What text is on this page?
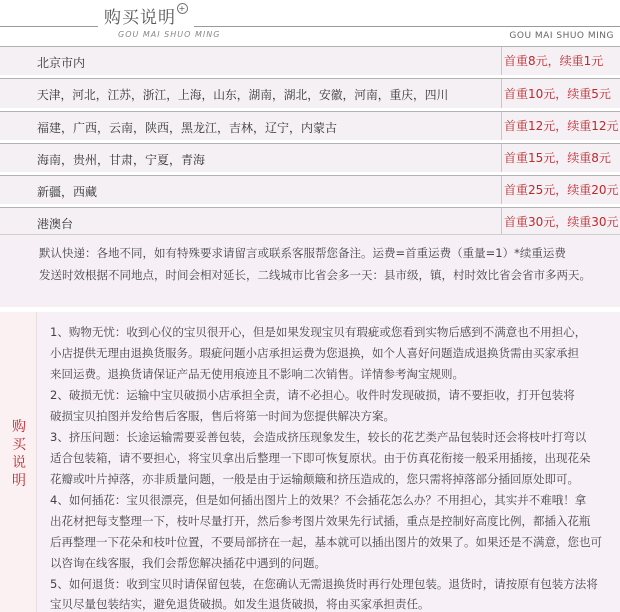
购买说明 +
GOU MAI SHUO MING	GOU MAI SHUO MING
北京市内	首重8元，续重1元
天津，河北，江苏，浙江，上海，山东，湖南，湖北，安徽，河南，重庆，四川	首重10元，续重5元
福建，广西，云南，陕西，黑龙江，吉林，辽宁，内蒙古	首重12元，续重12元
海南，贵州，甘肃，宁夏，青海	首重15元，续重8元
新疆，西藏	首重25元，续重20元
港澳台	首重30元，续重30元

默认快递：各地不同，如有特殊要求请留言或联系客服帮您备注。运费=首重运费（重量=1）*续重运费

发送时效根据不同地点，时间会相对延长，二线城市比省会多一天：县市级，镇，村时效比省会省市多两天。

购买说明

1、购物无忧：收到心仪的宝贝很开心，但是如果发现宝贝有瑕疵或您看到实物后感到不满意也不用担心，

小店提供无理由退换货服务。瑕疵问题小店承担运费为您退换，如个人喜好问题造成退换货需由买家承担

来回运费。退换货请保证产品无使用痕迹且不影响二次销售。详情参考淘宝规则。

2、破损无忧：运输中宝贝破损小店承担全责，请不必担心。收件时发现破损，请不要拒收，打开包装将

破损宝贝拍图并发给售后客服，售后将第一时间为您提供解决方案。

3、挤压问题：长途运输需要妥善包装，会造成挤压现象发生，较长的花艺类产品包装时还会将枝叶打弯以

适合包装箱，请不要担心，将宝贝拿出后整理一下即可恢复原状。由于仿真花衔接一般采用插接，出现花朵

花瓣或叶片掉落，亦非质量问题，一般是由于运输颠簸和挤压造成的，您只需将掉落部分插回原处即可。

4、如何插花：宝贝很漂亮，但是如何插出图片上的效果？不会插花怎么办？不用担心，其实并不难哦！拿

出花材把每支整理一下，枝叶尽量打开，然后参考图片效果先行试插，重点是控制好高度比例，都插入花瓶

后再整理一下花朵和枝叶位置，不要局部挤在一起，基本就可以插出图片的效果了。如果还是不满意，您也可

以咨询在线客服，我们会帮您解决插花中遇到的问题。

5、如何退货：收到宝贝时请保留包装，在您确认无需退换货时再行处理包装。退货时，请按原有包装方法将

宝贝尽量包装结实，避免退货破损。如发生退货破损，将由买家承担责任。
